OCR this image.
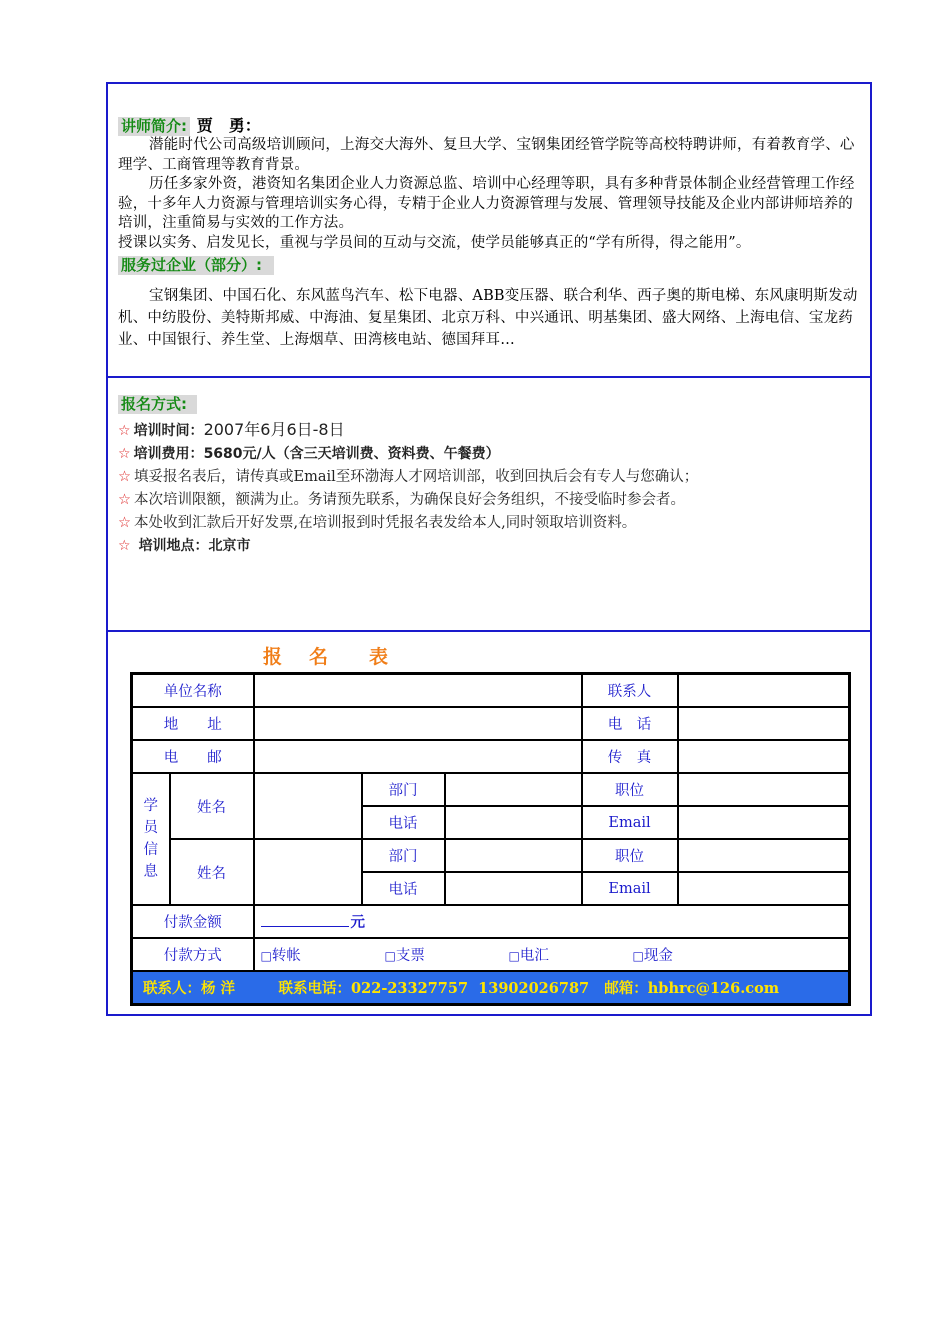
讲师简介: 贾　勇：

潜能时代公司高级培训顾问，上海交大海外、复旦大学、宝钢集团经管学院等高校特聘讲师，有着教育学、心理学、工商管理等教育背景。

历任多家外资，港资知名集团企业人力资源总监、培训中心经理等职，具有多种背景体制企业经营管理工作经验，十多年人力资源与管理培训实务心得，专精于企业人力资源管理与发展、管理领导技能及企业内部讲师培养的培训，注重简易与实效的工作方法。

授课以实务、启发见长，重视与学员间的互动与交流，使学员能够真正的“学有所得，得之能用”。

服务过企业（部分）:

宝钢集团、中国石化、东风蓝鸟汽车、松下电器、ABB变压器、联合利华、西子奥的斯电梯、东风康明斯发动机、中纺股份、美特斯邦威、中海油、复星集团、北京万科、中兴通讯、明基集团、盛大网络、上海电信、宝龙药业、中国银行、养生堂、上海烟草、田湾核电站、德国拜耳…

报名方式:
☆ 培训时间：2007年6月6日-8日
☆ 培训费用：5680元/人（含三天培训费、资料费、午餐费）
☆ 填妥报名表后，请传真或Email至环渤海人才网培训部，收到回执后会有专人与您确认；
☆ 本次培训限额，额满为止。务请预先联系，为确保良好会务组织，不接受临时参会者。
☆ 本处收到汇款后开好发票,在培训报到时凭报名表发给本人,同时领取培训资料。
☆ 培训地点：北京市
报 名 表
单位名称					联系人	
地　　址					电　话	
电　　邮					传　真	
学员信息	姓名		部门		职位	
			电话		Email	
	姓名		部门		职位	
			电话		Email	
付款金额		元				
付款方式		□转帐 □支票 □电汇 □现金				
联系人：杨 洋　　　联系电话：022-23327757  13902026787   邮箱：hbhrc@126.com						
